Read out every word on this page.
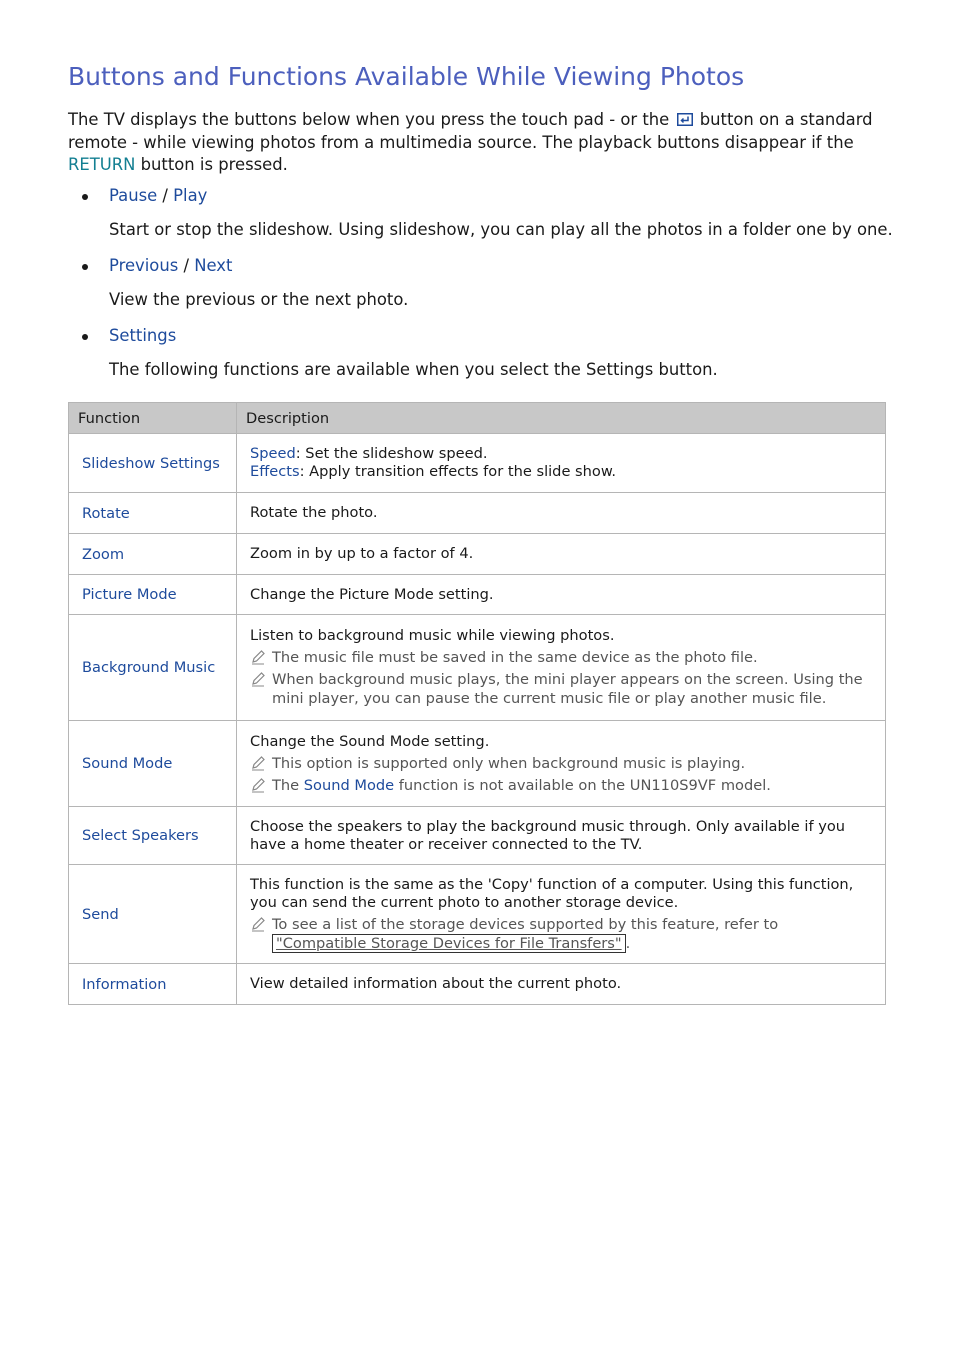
Buttons and Functions Available While Viewing Photos
The TV displays the buttons below when you press the touch pad - or the button on a standard remote - while viewing photos from a multimedia source. The playback buttons disappear if the RETURN button is pressed.
Pause / Play
Start or stop the slideshow. Using slideshow, you can play all the photos in a folder one by one.
Previous / Next
View the previous or the next photo.
Settings
The following functions are available when you select the Settings button.
Function	Description
Slideshow Settings	Speed: Set the slideshow speed.
Effects: Apply transition effects for the slide show.

Rotate	Rotate the photo.
Zoom	Zoom in by up to a factor of 4.
Picture Mode	Change the Picture Mode setting.
Background Music	Listen to background music while viewing photos.
The music file must be saved in the same device as the photo file.
When background music plays, the mini player appears on the screen. Using the mini player, you can pause the current music file or play another music file.

Sound Mode	Change the Sound Mode setting.
This option is supported only when background music is playing.
The Sound Mode function is not available on the UN110S9VF model.

Select Speakers	Choose the speakers to play the background music through. Only available if you have a home theater or receiver connected to the TV.
Send	This function is the same as the 'Copy' function of a computer. Using this function, you can send the current photo to another storage device.
To see a list of the storage devices supported by this feature, refer to "Compatible Storage Devices for File Transfers" .

Information	View detailed information about the current photo.
